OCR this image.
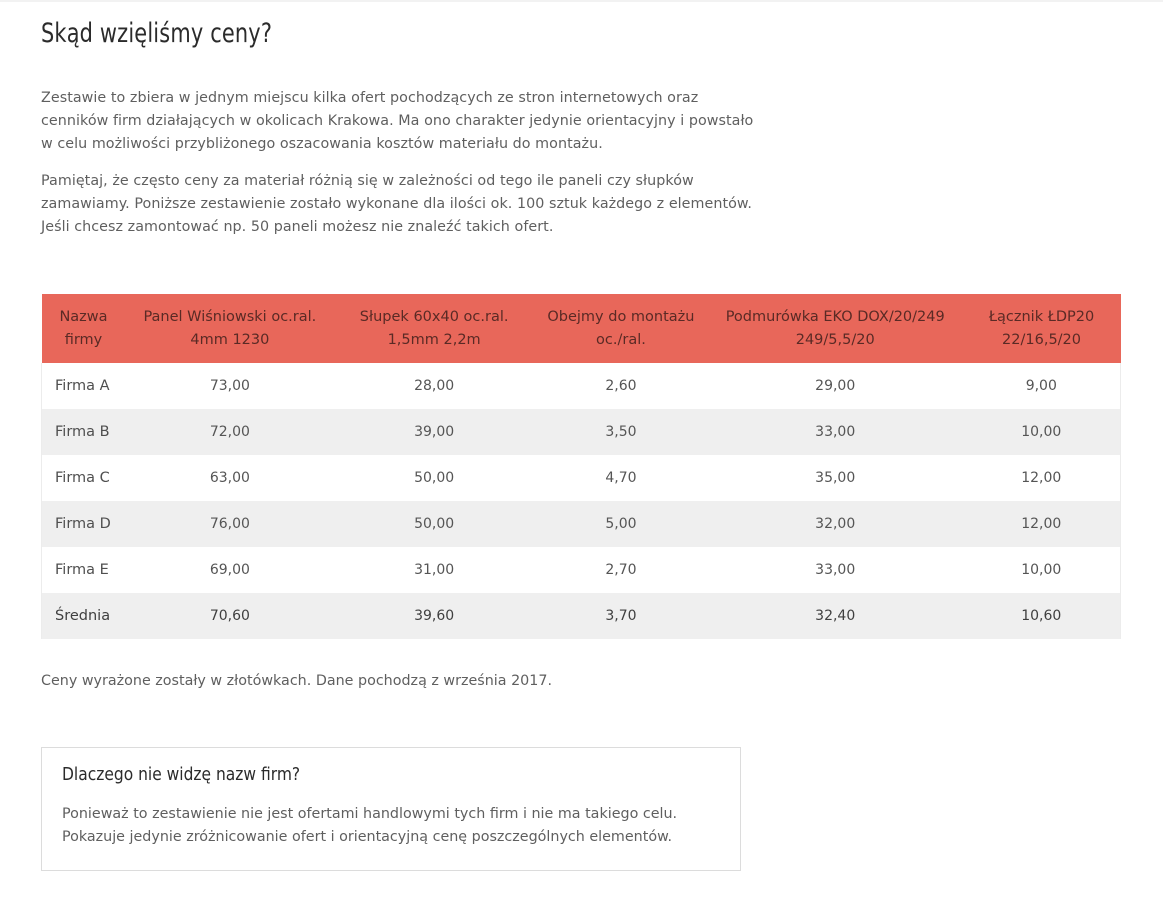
Skąd wzięliśmy ceny?

Zestawie to zbiera w jednym miejscu kilka ofert pochodzących ze stron internetowych oraz cenników firm działających w okolicach Krakowa. Ma ono charakter jedynie orientacyjny i powstało w celu możliwości przybliżonego oszacowania kosztów materiału do montażu.

Pamiętaj, że często ceny za materiał różnią się w zależności od tego ile paneli czy słupków zamawiamy. Poniższe zestawienie zostało wykonane dla ilości ok. 100 sztuk każdego z elementów. Jeśli chcesz zamontować np. 50 paneli możesz nie znaleźć takich ofert.

Nazwa firmy	Panel Wiśniowski oc.ral. 4mm 1230	Słupek 60x40 oc.ral. 1,5mm 2,2m	Obejmy do montażu oc./ral.	Podmurówka EKO DOX/20/249 249/5,5/20	Łącznik ŁDP20 22/16,5/20
Firma A	73,00	28,00	2,60	29,00	9,00
Firma B	72,00	39,00	3,50	33,00	10,00
Firma C	63,00	50,00	4,70	35,00	12,00
Firma D	76,00	50,00	5,00	32,00	12,00
Firma E	69,00	31,00	2,70	33,00	10,00
Średnia	70,60	39,60	3,70	32,40	10,60

Ceny wyrażone zostały w złotówkach. Dane pochodzą z września 2017.

Dlaczego nie widzę nazw firm?

Ponieważ to zestawienie nie jest ofertami handlowymi tych firm i nie ma takiego celu.
Pokazuje jedynie zróżnicowanie ofert i orientacyjną cenę poszczególnych elementów.
